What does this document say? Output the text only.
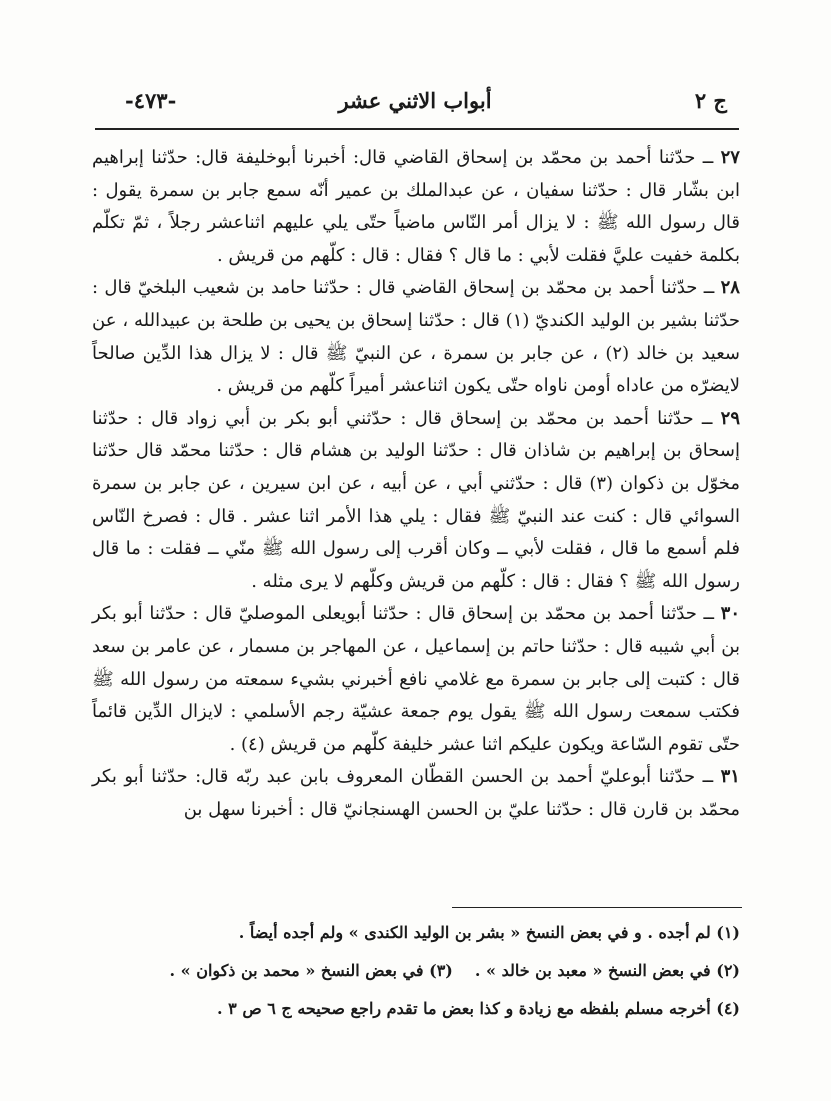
ج ٢
أبواب الاثني عشر
-٤٧٣-

٢٧ ــ حدّثنا أحمد بن محمّد بن إسحاق القاضي قال: أخبرنا أبوخليفة قال: حدّثنا إبراهيم ابن بشّار قال : حدّثنا سفيان ، عن عبدالملك بن عمير أنّه سمع جابر بن سمرة يقول : قال رسول الله ﷺ : لا يزال أمر النّاس ماضياً حتّى يلي عليهم اثناعشر رجلاً ، ثمّ تكلّم بكلمة خفيت عليَّ فقلت لأبي : ما قال ؟ فقال : قال : كلّهم من قريش .

٢٨ ــ حدّثنا أحمد بن محمّد بن إسحاق القاضي قال : حدّثنا حامد بن شعيب البلخيّ قال : حدّثنا بشير بن الوليد الكنديّ (١) قال : حدّثنا إسحاق بن يحيى بن طلحة بن عبيدالله ، عن سعيد بن خالد (٢) ، عن جابر بن سمرة ، عن النبيّ ﷺ قال : لا يزال هذا الدِّين صالحاً لايضرّه من عاداه أومن ناواه حتّى يكون اثناعشر أميراً كلّهم من قريش .

٢٩ ــ حدّثنا أحمد بن محمّد بن إسحاق قال : حدّثني أبو بكر بن أبي زواد قال : حدّثنا إسحاق بن إبراهيم بن شاذان قال : حدّثنا الوليد بن هشام قال : حدّثنا محمّد قال حدّثنا مخوّل بن ذكوان (٣) قال : حدّثني أبي ، عن أبيه ، عن ابن سيرين ، عن جابر بن سمرة السوائي قال : كنت عند النبيّ ﷺ فقال : يلي هذا الأمر اثنا عشر . قال : فصرخ النّاس فلم أسمع ما قال ، فقلت لأبي ــ وكان أقرب إلى رسول الله ﷺ منّي ــ فقلت : ما قال رسول الله ﷺ ؟ فقال : قال : كلّهم من قريش وكلّهم لا يرى مثله .

٣٠ ــ حدّثنا أحمد بن محمّد بن إسحاق قال : حدّثنا أبويعلى الموصليّ قال : حدّثنا أبو بكر بن أبي شيبه قال : حدّثنا حاتم بن إسماعيل ، عن المهاجر بن مسمار ، عن عامر بن سعد قال : كتبت إلى جابر بن سمرة مع غلامي نافع أخبرني بشيء سمعته من رسول الله ﷺ فكتب سمعت رسول الله ﷺ يقول يوم جمعة عشيّة رجم الأسلمي : لايزال الدِّين قائماً حتّى تقوم السّاعة ويكون عليكم اثنا عشر خليفة كلّهم من قريش (٤) .

٣١ ــ حدّثنا أبوعليّ أحمد بن الحسن القطّان المعروف بابن عبد ربّه قال: حدّثنا أبو بكر محمّد بن قارن قال : حدّثنا عليّ بن الحسن الهسنجانيّ قال : أخبرنا سهل بن

(١) لم أجده . و في بعض النسخ « بشر بن الوليد الكندى » ولم أجده أيضاً .

(٢) في بعض النسخ « معبد بن خالد » .(٣) في بعض النسخ « محمد بن ذكوان » .

(٤) أخرجه مسلم بلفظه مع زيادة و كذا بعض ما تقدم راجع صحيحه ج ٦ ص ٣ .
